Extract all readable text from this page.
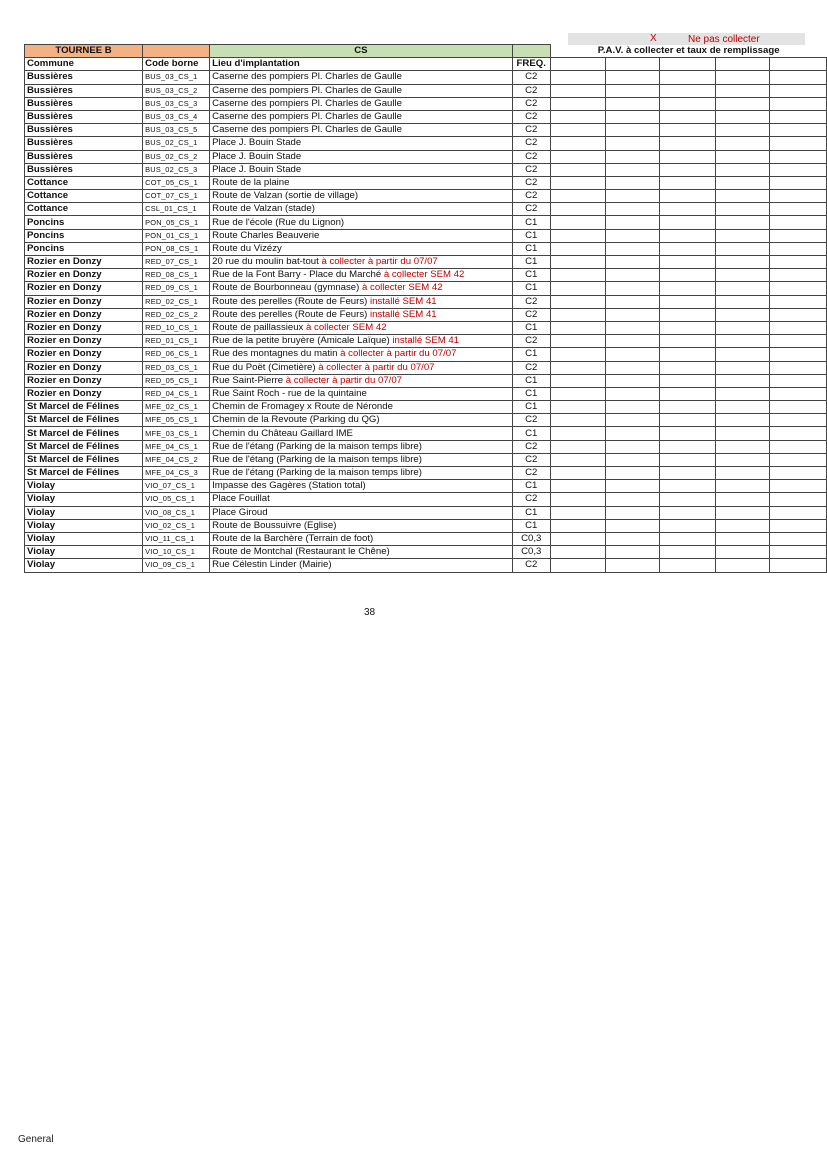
X	Ne pas collecter
TOURNEE B		CS		P.A.V. à collecter et taux de remplissage				
Commune	Code borne	Lieu d'implantation	FREQ.					
Bussières	BUS_03_CS_1	Caserne des pompiers Pl. Charles de Gaulle	C2					
Bussières	BUS_03_CS_2	Caserne des pompiers Pl. Charles de Gaulle	C2					
Bussières	BUS_03_CS_3	Caserne des pompiers Pl. Charles de Gaulle	C2					
Bussières	BUS_03_CS_4	Caserne des pompiers Pl. Charles de Gaulle	C2					
Bussières	BUS_03_CS_5	Caserne des pompiers Pl. Charles de Gaulle	C2					
Bussières	BUS_02_CS_1	Place J. Bouin Stade	C2					
Bussières	BUS_02_CS_2	Place J. Bouin Stade	C2					
Bussières	BUS_02_CS_3	Place J. Bouin Stade	C2					
Cottance	COT_05_CS_1	Route de la plaine	C2					
Cottance	COT_07_CS_1	Route de Valzan (sortie de village)	C2					
Cottance	CSL_01_CS_1	Route de Valzan (stade)	C2					
Poncins	PON_05_CS_1	Rue de l'école (Rue du Lignon)	C1					
Poncins	PON_01_CS_1	Route Charles Beauverie	C1					
Poncins	PON_08_CS_1	Route du Vizézy	C1					
Rozier en Donzy	RED_07_CS_1	20 rue du moulin bat-tout à collecter à partir du 07/07	C1					
Rozier en Donzy	RED_08_CS_1	Rue de la Font Barry - Place du Marché à collecter SEM 42	C1					
Rozier en Donzy	RED_09_CS_1	Route de Bourbonneau (gymnase) à collecter SEM 42	C1					
Rozier en Donzy	RED_02_CS_1	Route des perelles (Route de Feurs) installé SEM 41	C2					
Rozier en Donzy	RED_02_CS_2	Route des perelles (Route de Feurs) installé SEM 41	C2					
Rozier en Donzy	RED_10_CS_1	Route de paillassieux à collecter SEM 42	C1					
Rozier en Donzy	RED_01_CS_1	Rue de la petite bruyère (Amicale Laïque) installé SEM 41	C2					
Rozier en Donzy	RED_06_CS_1	Rue des montagnes du matin à collecter à partir du 07/07	C1					
Rozier en Donzy	RED_03_CS_1	Rue du Poët (Cimetière) à collecter à partir du 07/07	C2					
Rozier en Donzy	RED_05_CS_1	Rue Saint-Pierre à collecter à partir du 07/07	C1					
Rozier en Donzy	RED_04_CS_1	Rue Saint Roch - rue de la quintaine	C1					
St Marcel de Félines	MFE_02_CS_1	Chemin de Fromagey x Route de Néronde	C1					
St Marcel de Félines	MFE_05_CS_1	Chemin de la Revoute (Parking du QG)	C2					
St Marcel de Félines	MFE_03_CS_1	Chemin du Château Gaillard IME	C1					
St Marcel de Félines	MFE_04_CS_1	Rue de l'étang (Parking de la maison temps libre)	C2					
St Marcel de Félines	MFE_04_CS_2	Rue de l'étang (Parking de la maison temps libre)	C2					
St Marcel de Félines	MFE_04_CS_3	Rue de l'étang (Parking de la maison temps libre)	C2					
Violay	VIO_07_CS_1	Impasse des Gagères (Station total)	C1					
Violay	VIO_05_CS_1	Place Fouillat	C2					
Violay	VIO_08_CS_1	Place Giroud	C1					
Violay	VIO_02_CS_1	Route de Boussuivre (Eglise)	C1					
Violay	VIO_11_CS_1	Route de la Barchère (Terrain de foot)	C0,3					
Violay	VIO_10_CS_1	Route de Montchal (Restaurant le Chêne)	C0,3					
Violay	VIO_09_CS_1	Rue Célestin Linder (Mairie)	C2					
38
General
